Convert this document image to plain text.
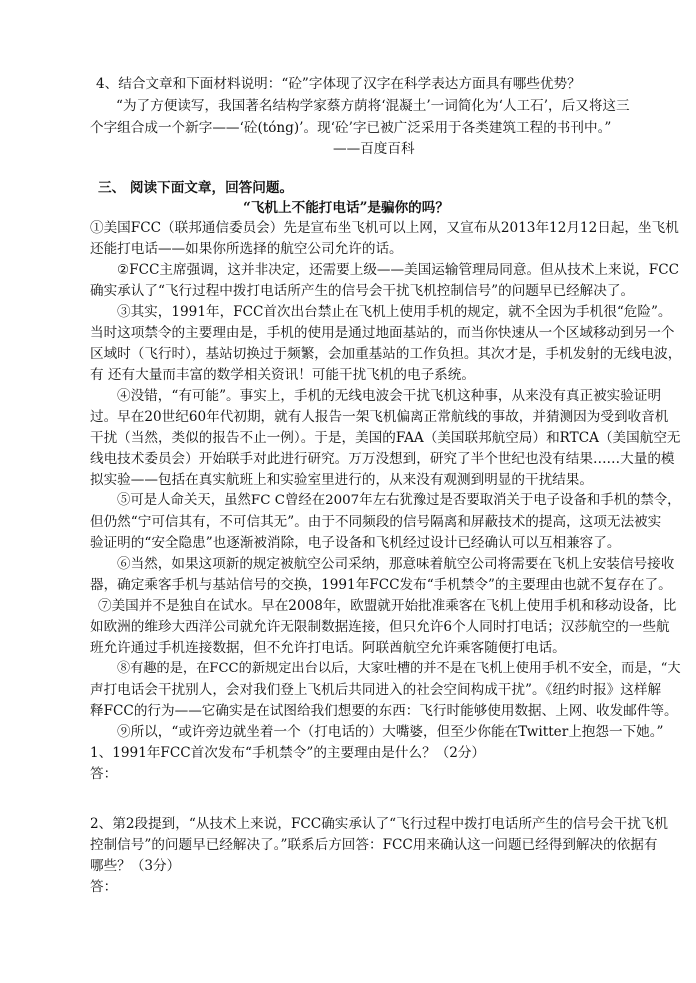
4、结合文章和下面材料说明：“砼”字体现了汉字在科学表达方面具有哪些优势？
“为了方便读写，我国著名结构学家蔡方荫将‘混凝土’一词简化为‘人工石’，后又将这三
个字组合成一个新字——‘砼(tóng)’。现‘砼’字已被广泛采用于各类建筑工程的书刊中。”
——百度百科
三、 阅读下面文章，回答问题。
“飞机上不能打电话”是骗你的吗？
①美国FCC（联邦通信委员会）先是宣布坐飞机可以上网，又宣布从2013年12月12日起，坐飞机
还能打电话——如果你所选择的航空公司允许的话。
②FCC主席强调，这并非决定，还需要上级——美国运输管理局同意。但从技术上来说，FCC
确实承认了“飞行过程中拨打电话所产生的信号会干扰飞机控制信号”的问题早已经解决了。
③其实，1991年，FCC首次出台禁止在飞机上使用手机的规定，就不全因为手机很“危险”。
当时这项禁令的主要理由是，手机的使用是通过地面基站的，而当你快速从一个区域移动到另一个
区域时（飞行时），基站切换过于频繁，会加重基站的工作负担。其次才是，手机发射的无线电波，
有 还有大量而丰富的数学相关资讯！可能干扰飞机的电子系统。
④没错，“有可能”。事实上，手机的无线电波会干扰飞机这种事，从来没有真正被实验证明
过。早在20世纪60年代初期，就有人报告一架飞机偏离正常航线的事故，并猜测因为受到收音机
干扰（当然，类似的报告不止一例）。于是，美国的FAA（美国联邦航空局）和RTCA（美国航空无
线电技术委员会）开始联手对此进行研究。万万没想到，研究了半个世纪也没有结果……大量的模
拟实验——包括在真实航班上和实验室里进行的，从来没有观测到明显的干扰结果。
⑤可是人命关天，虽然FC C曾经在2007年左右犹豫过是否要取消关于电子设备和手机的禁令，
但仍然“宁可信其有，不可信其无”。由于不同频段的信号隔离和屏蔽技术的提高，这项无法被实
验证明的“安全隐患”也逐渐被消除，电子设备和飞机经过设计已经确认可以互相兼容了。
⑥当然，如果这项新的规定被航空公司采纳，那意味着航空公司将需要在飞机上安装信号接收
器，确定乘客手机与基站信号的交换，1991年FCC发布“手机禁令”的主要理由也就不复存在了。
⑦美国并不是独自在试水。早在2008年，欧盟就开始批准乘客在飞机上使用手机和移动设备，比
如欧洲的维珍大西洋公司就允许无限制数据连接，但只允许6个人同时打电话；汉莎航空的一些航
班允许通过手机连接数据，但不允许打电话。阿联酋航空允许乘客随便打电话。
⑧有趣的是，在FCC的新规定出台以后，大家吐槽的并不是在飞机上使用手机不安全，而是，“大
声打电话会干扰别人，会对我们登上飞机后共同进入的社会空间构成干扰”。《纽约时报》这样解
释FCC的行为——它确实是在试图给我们想要的东西：飞行时能够使用数据、上网、收发邮件等。
⑨所以，“或许旁边就坐着一个（打电话的）大嘴婆，但至少你能在Twitter上抱怨一下她。”
1、1991年FCC首次发布“手机禁令”的主要理由是什么？（2分）
答：
2、第2段提到，“从技术上来说，FCC确实承认了“飞行过程中拨打电话所产生的信号会干扰飞机
控制信号”的问题早已经解决了。”联系后方回答：FCC用来确认这一问题已经得到解决的依据有
哪些？（3分）
答：
